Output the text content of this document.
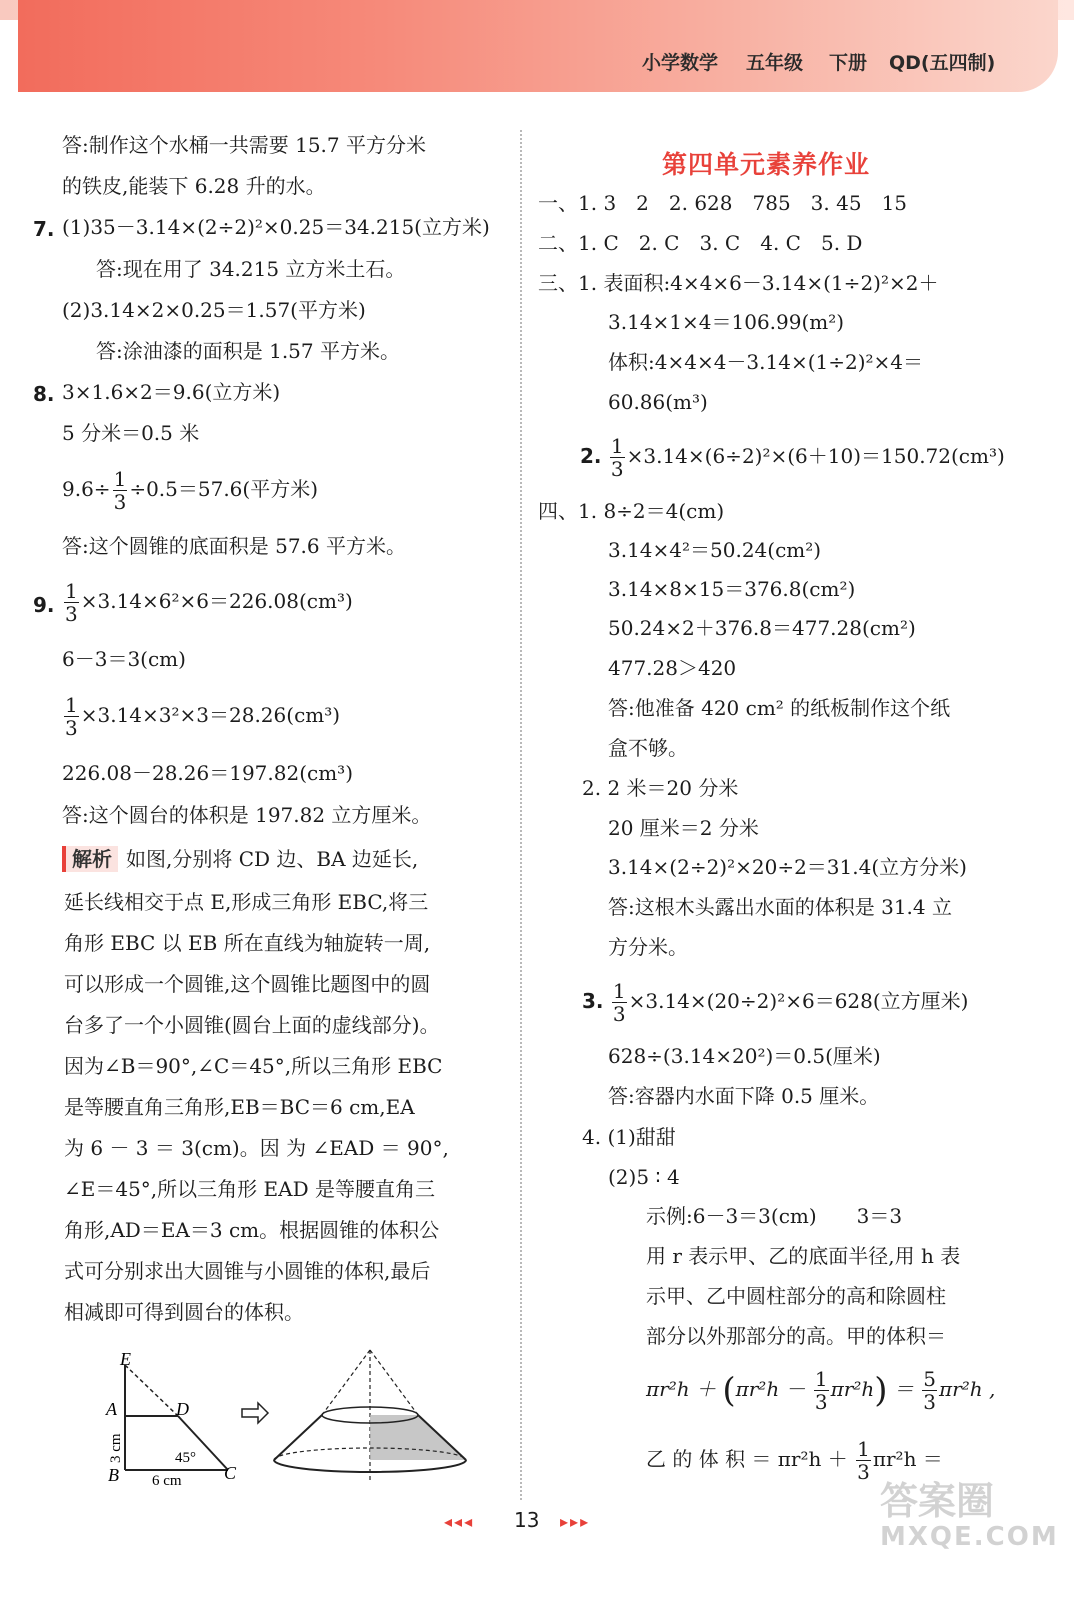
小学数学 五年级 下册 QD(五四制)
答:制作这个水桶一共需要 15.7 平方分米
的铁皮,能装下 6.28 升的水。
7. (1)35－3.14×(2÷2)²×0.25＝34.215(立方米)
答:现在用了 34.215 立方米土石。
(2)3.14×2×0.25＝1.57(平方米)
答:涂油漆的面积是 1.57 平方米。
8. 3×1.6×2＝9.6(立方米)
5 分米＝0.5 米
$9.6\div \frac{1}{3} \div 0.5=57.6$(平方米)
答:这个圆锥的底面积是 57.6 平方米。
9. $\frac{1}{3} \times 3.14\times 6^2\times 6=226.08(cm^3)$
6－3＝3(cm)
$\frac{1}{3} \times 3.14\times 3^2\times 3=28.26(cm^3)$
226.08－28.26＝197.82(cm³)
答:这个圆台的体积是 197.82 立方厘米。
解析 如图,分别将 CD 边、BA 边延长,
延长线相交于点 E,形成三角形 EBC,将三
角形 EBC 以 EB 所在直线为轴旋转一周,
可以形成一个圆锥,这个圆锥比题图中的圆
台多了一个小圆锥(圆台上面的虚线部分)。
因为∠B＝90°,∠C＝45°,所以三角形 EBC
是等腰直角三角形,EB＝BC＝6 cm,EA
为 6 － 3 ＝ 3(cm)。因 为 ∠EAD ＝ 90°,
∠E＝45°,所以三角形 EAD 是等腰直角三
角形,AD＝EA＝3 cm。根据圆锥的体积公
式可分别求出大圆锥与小圆锥的体积,最后
相减即可得到圆台的体积。
E
A	D
B	C
45°
6 cm
3 cm
第四单元素养作业
一、1. 3　2　2. 628　785　3. 45　15
二、1. C　2. C　3. C　4. C　5. D
三、1. 表面积:4×4×6－3.14×(1÷2)²×2＋
3.14×1×4＝106.99(m²)
体积:4×4×4－3.14×(1÷2)²×4＝
60.86(m³)
2. $\frac{1}{3} \times 3.14\times(6\div 2)^2\times(6+10)=150.72(cm^3)$
四、1. 8÷2＝4(cm)
3.14×4²＝50.24(cm²)
3.14×8×15＝376.8(cm²)
50.24×2＋376.8＝477.28(cm²)
477.28＞420
答:他准备 420 cm² 的纸板制作这个纸
盒不够。
2. 2 米＝20 分米
20 厘米＝2 分米
3.14×(2÷2)²×20÷2＝31.4(立方分米)
答:这根木头露出水面的体积是 31.4 立
方分米。
3. $\frac{1}{3} \times 3.14\times(20\div 2)^2\times 6=628$(立方厘米)
628÷(3.14×20²)＝0.5(厘米)
答:容器内水面下降 0.5 厘米。
4. (1)甜甜
(2)5 ∶ 4
示例:6－3＝3(cm)　　3＝3
用 r 表示甲、乙的底面半径,用 h 表
示甲、乙中圆柱部分的高和除圆柱
部分以外那部分的高。甲的体积＝
$\pi r^2h + (\pi r^2h - \frac{1}{3} \pi r^2h) = \frac{5}{3} \pi r^2h$ ,
乙 的 体 积 ＝ $\pi r^2h + \frac{1}{3} \pi r^2h$ ＝
◂◂◂ 13 ▸▸▸	答案圈
MXQE.COM
